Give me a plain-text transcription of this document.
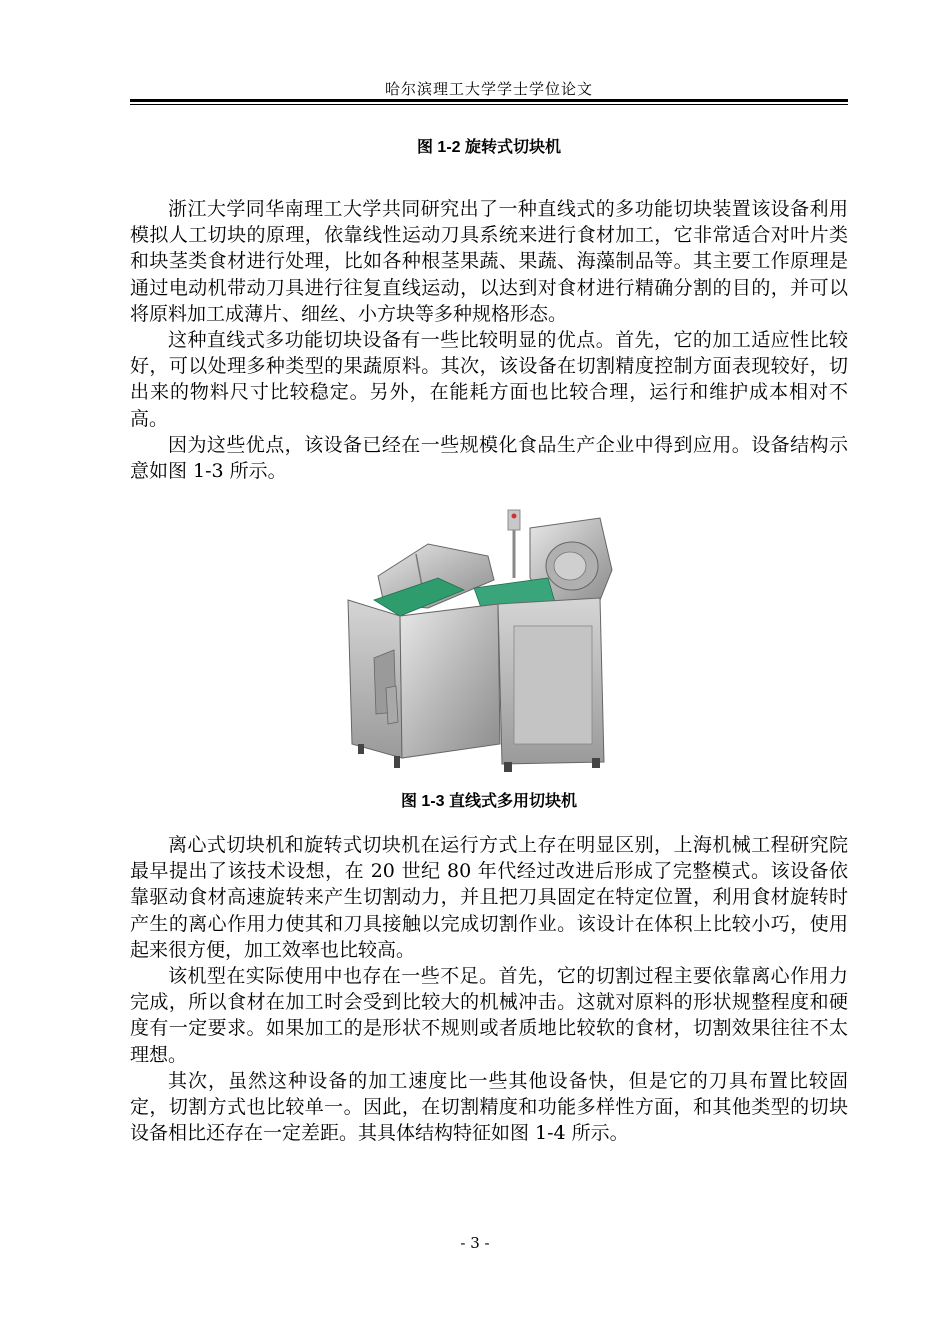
哈尔滨理工大学学士学位论文
图 1-2 旋转式切块机

浙江大学同华南理工大学共同研究出了一种直线式的多功能切块装置该设备利用模拟人工切块的原理，依靠线性运动刀具系统来进行食材加工，它非常适合对叶片类和块茎类食材进行处理，比如各种根茎果蔬、果蔬、海藻制品等。其主要工作原理是通过电动机带动刀具进行往复直线运动，以达到对食材进行精确分割的目的，并可以将原料加工成薄片、细丝、小方块等多种规格形态。

这种直线式多功能切块设备有一些比较明显的优点。首先，它的加工适应性比较好，可以处理多种类型的果蔬原料。其次，该设备在切割精度控制方面表现较好，切出来的物料尺寸比较稳定。另外，在能耗方面也比较合理，运行和维护成本相对不高。

因为这些优点，该设备已经在一些规模化食品生产企业中得到应用。设备结构示意如图 1-3 所示。

图 1-3 直线式多用切块机

离心式切块机和旋转式切块机在运行方式上存在明显区别，上海机械工程研究院最早提出了该技术设想，在 20 世纪 80 年代经过改进后形成了完整模式。该设备依靠驱动食材高速旋转来产生切割动力，并且把刀具固定在特定位置，利用食材旋转时产生的离心作用力使其和刀具接触以完成切割作业。该设计在体积上比较小巧，使用起来很方便，加工效率也比较高。

该机型在实际使用中也存在一些不足。首先，它的切割过程主要依靠离心作用力完成，所以食材在加工时会受到比较大的机械冲击。这就对原料的形状规整程度和硬度有一定要求。如果加工的是形状不规则或者质地比较软的食材，切割效果往往不太理想。

其次，虽然这种设备的加工速度比一些其他设备快，但是它的刀具布置比较固定，切割方式也比较单一。因此，在切割精度和功能多样性方面，和其他类型的切块设备相比还存在一定差距。其具体结构特征如图 1-4 所示。

- 3 -
